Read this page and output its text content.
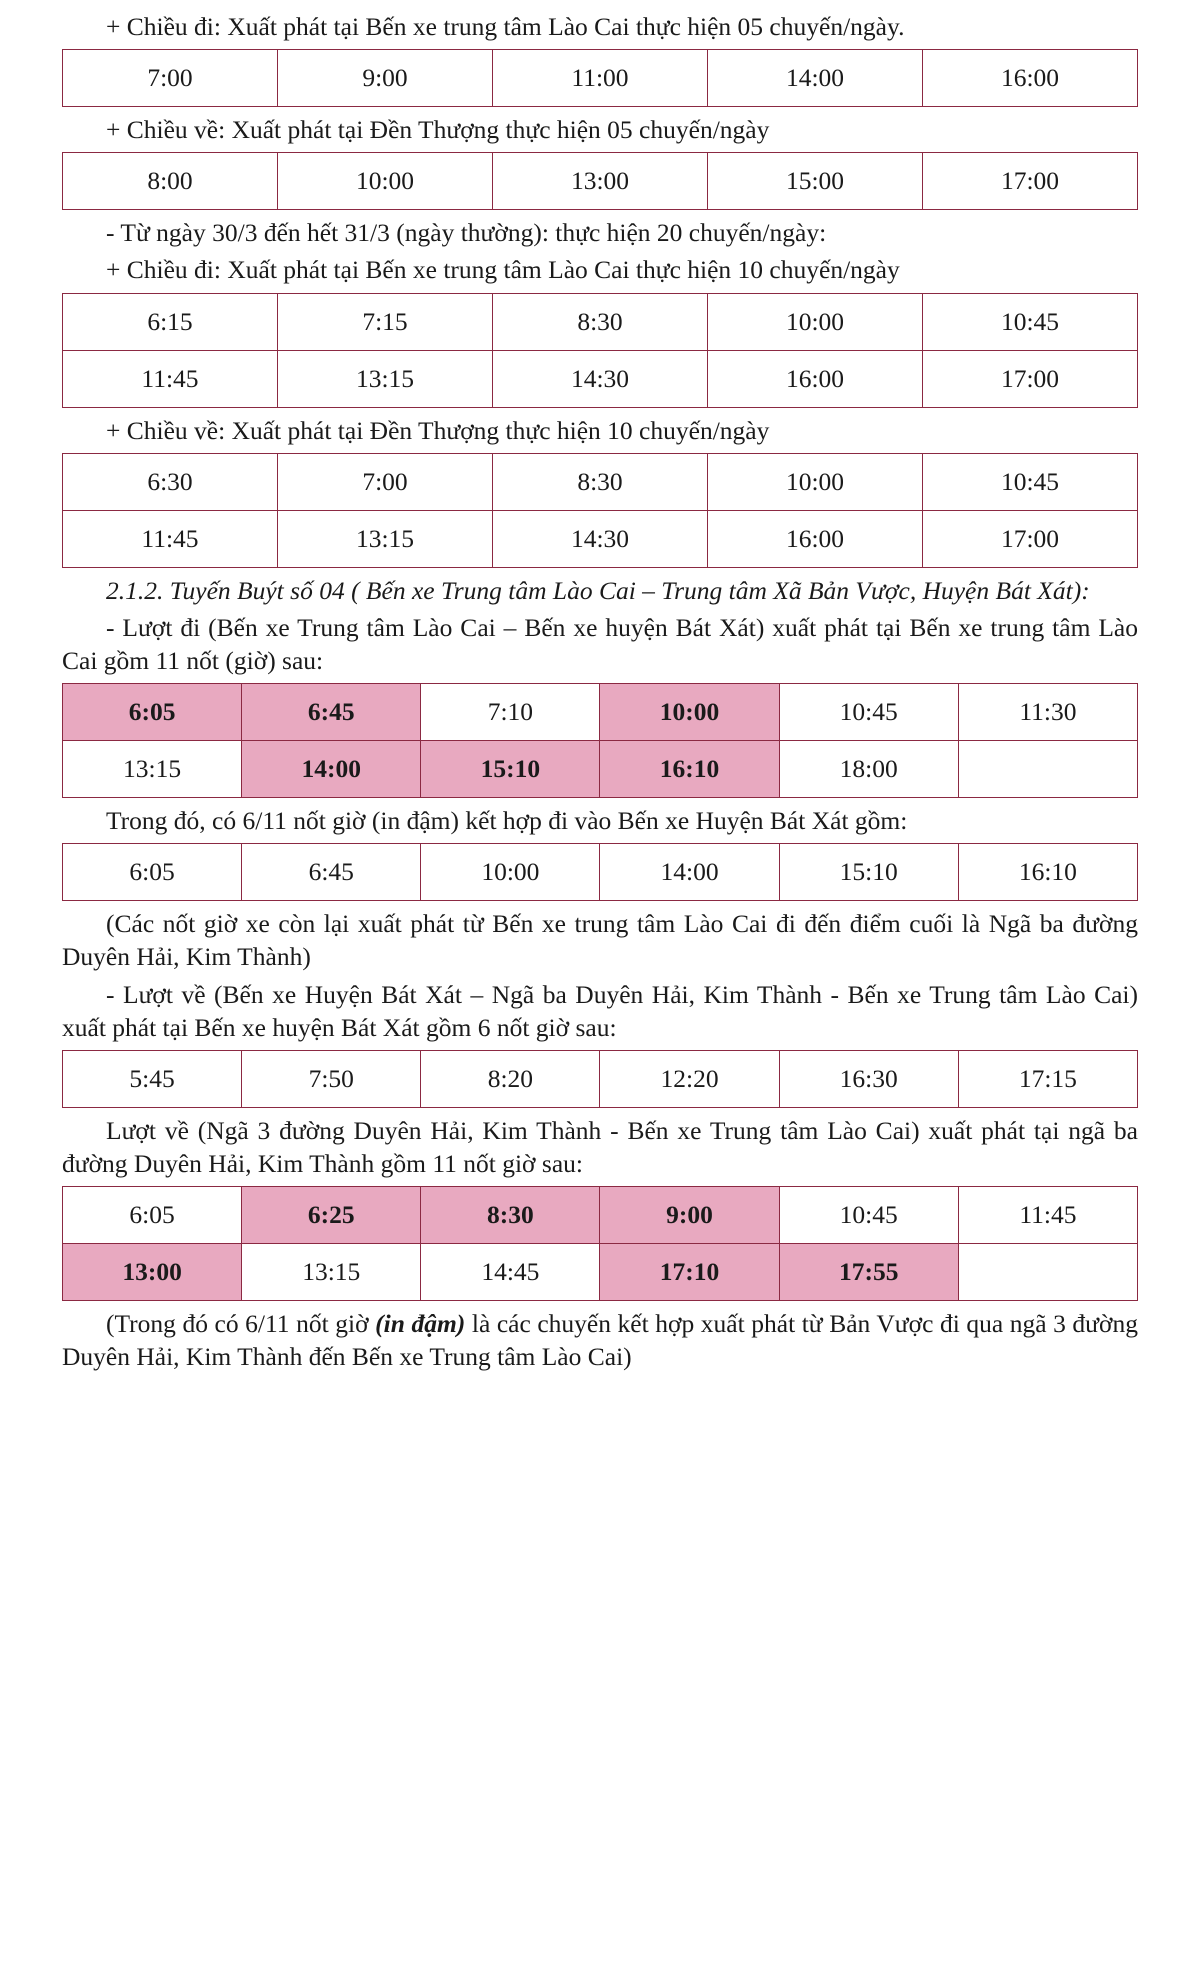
+ Chiều đi: Xuất phát tại Bến xe trung tâm Lào Cai thực hiện 05 chuyến/ngày.

7:00	9:00	11:00	14:00	16:00

+ Chiều về: Xuất phát tại Đền Thượng thực hiện 05 chuyến/ngày

8:00	10:00	13:00	15:00	17:00

- Từ ngày 30/3 đến hết 31/3 (ngày thường): thực hiện 20 chuyến/ngày:

+ Chiều đi: Xuất phát tại Bến xe trung tâm Lào Cai thực hiện 10 chuyến/ngày

6:15	7:15	8:30	10:00	10:45
11:45	13:15	14:30	16:00	17:00

+ Chiều về: Xuất phát tại Đền Thượng thực hiện 10 chuyến/ngày

6:30	7:00	8:30	10:00	10:45
11:45	13:15	14:30	16:00	17:00

2.1.2. Tuyến Buýt số 04 ( Bến xe Trung tâm Lào Cai – Trung tâm Xã Bản Vược, Huyện Bát Xát):

- Lượt đi (Bến xe Trung tâm Lào Cai – Bến xe huyện Bát Xát) xuất phát tại Bến xe trung tâm Lào Cai gồm 11 nốt (giờ) sau:

6:05	6:45	7:10	10:00	10:45	11:30
13:15	14:00	15:10	16:10	18:00	

Trong đó, có 6/11 nốt giờ (in đậm) kết hợp đi vào Bến xe Huyện Bát Xát gồm:

6:05	6:45	10:00	14:00	15:10	16:10

(Các nốt giờ xe còn lại xuất phát từ Bến xe trung tâm Lào Cai đi đến điểm cuối là Ngã ba đường Duyên Hải, Kim Thành)

- Lượt về (Bến xe Huyện Bát Xát – Ngã ba Duyên Hải, Kim Thành - Bến xe Trung tâm Lào Cai) xuất phát tại Bến xe huyện Bát Xát gồm 6 nốt giờ sau:

5:45	7:50	8:20	12:20	16:30	17:15

Lượt về (Ngã 3 đường Duyên Hải, Kim Thành - Bến xe Trung tâm Lào Cai) xuất phát tại ngã ba đường Duyên Hải, Kim Thành gồm 11 nốt giờ sau:

6:05	6:25	8:30	9:00	10:45	11:45
13:00	13:15	14:45	17:10	17:55	

(Trong đó có 6/11 nốt giờ (in đậm) là các chuyến kết hợp xuất phát từ Bản Vược đi qua ngã 3 đường Duyên Hải, Kim Thành đến Bến xe Trung tâm Lào Cai)
